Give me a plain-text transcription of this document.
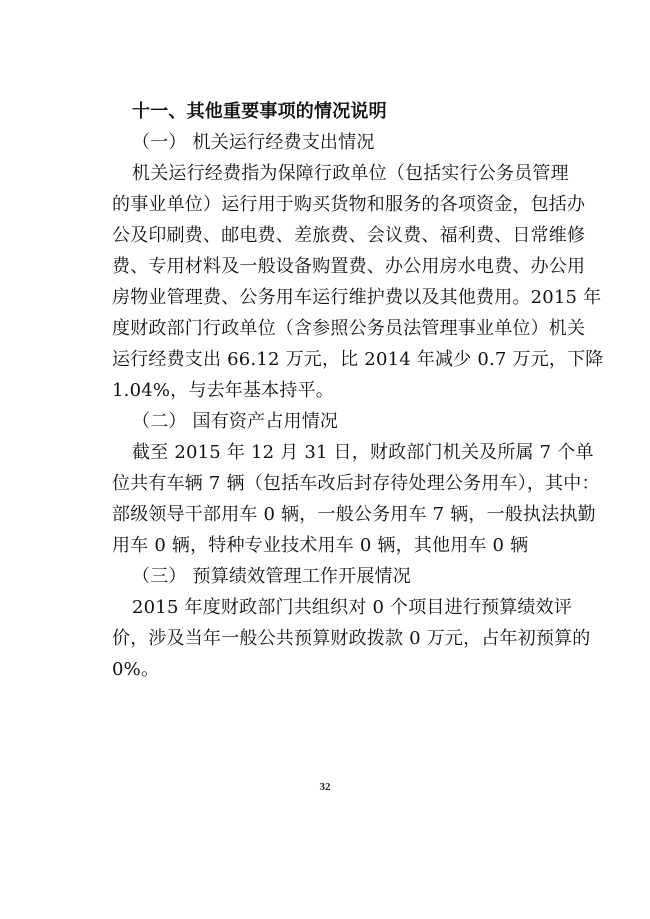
十一、其他重要事项的情况说明
（一） 机关运行经费支出情况
机关运行经费指为保障行政单位（包括实行公务员管理
的事业单位）运行用于购买货物和服务的各项资金，包括办
公及印刷费、邮电费、差旅费、会议费、福利费、日常维修
费、专用材料及一般设备购置费、办公用房水电费、办公用
房物业管理费、公务用车运行维护费以及其他费用。2015 年
度财政部门行政单位（含参照公务员法管理事业单位）机关
运行经费支出 66.12 万元，比 2014 年减少 0.7 万元，下降
1.04%，与去年基本持平。
（二） 国有资产占用情况
截至 2015 年 12 月 31 日，财政部门机关及所属 7 个单
位共有车辆 7 辆（包括车改后封存待处理公务用车），其中：
部级领导干部用车 0 辆，一般公务用车 7 辆，一般执法执勤
用车 0 辆，特种专业技术用车 0 辆，其他用车 0 辆
（三） 预算绩效管理工作开展情况
2015 年度财政部门共组织对 0 个项目进行预算绩效评
价，涉及当年一般公共预算财政拨款 0 万元，占年初预算的
0%。
32
